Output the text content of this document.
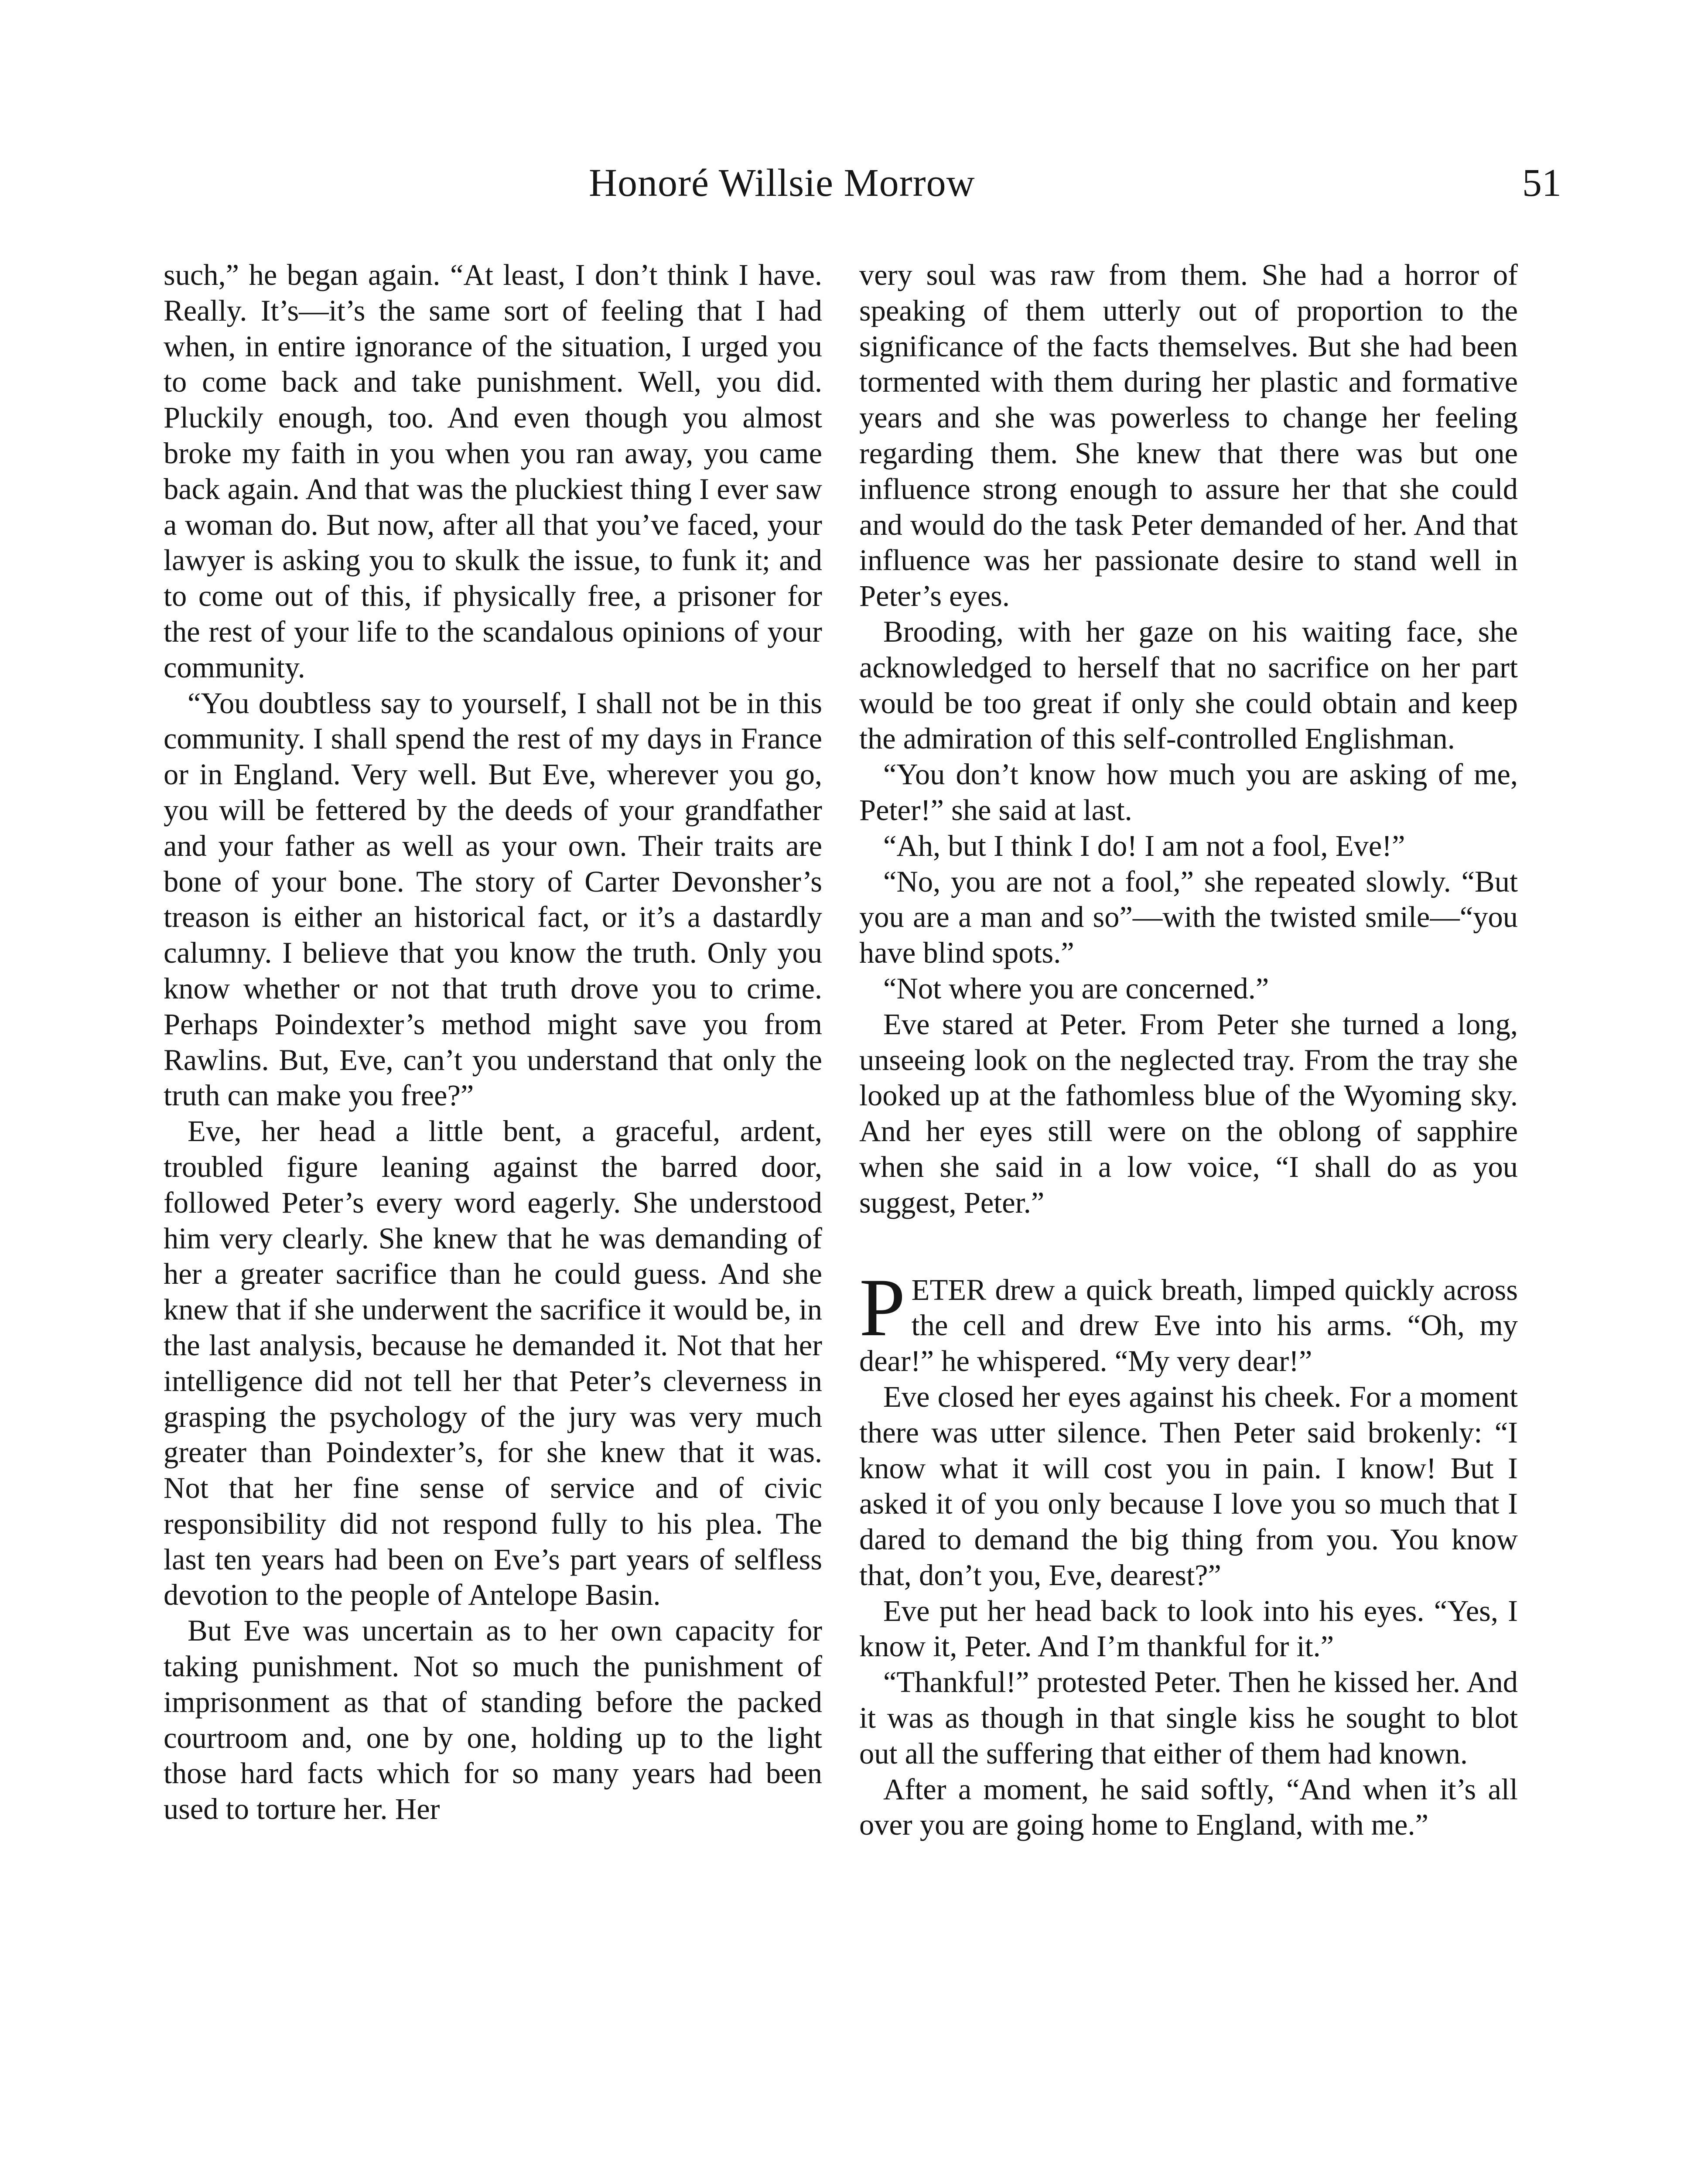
Honoré Willsie Morrow	51

such,” he began again. “At least, I don’t think I have. Really. It’s—it’s the same sort of feeling that I had when, in entire ignorance of the situation, I urged you to come back and take punishment. Well, you did. Pluckily enough, too. And even though you almost broke my faith in you when you ran away, you came back again. And that was the pluckiest thing I ever saw a woman do. But now, after all that you’ve faced, your lawyer is asking you to skulk the issue, to funk it; and to come out of this, if physically free, a prisoner for the rest of your life to the scandalous opinions of your community.

“You doubtless say to yourself, I shall not be in this community. I shall spend the rest of my days in France or in England. Very well. But Eve, wherever you go, you will be fettered by the deeds of your grandfather and your father as well as your own. Their traits are bone of your bone. The story of Carter Devonsher’s treason is either an historical fact, or it’s a dastardly calumny. I believe that you know the truth. Only you know whether or not that truth drove you to crime. Perhaps Poindexter’s method might save you from Rawlins. But, Eve, can’t you understand that only the truth can make you free?”

Eve, her head a little bent, a graceful, ardent, troubled figure leaning against the barred door, followed Peter’s every word eagerly. She understood him very clearly. She knew that he was demanding of her a greater sacrifice than he could guess. And she knew that if she underwent the sacrifice it would be, in the last analysis, because he demanded it. Not that her intelligence did not tell her that Peter’s cleverness in grasping the psychology of the jury was very much greater than Poindexter’s, for she knew that it was. Not that her fine sense of service and of civic responsibility did not respond fully to his plea. The last ten years had been on Eve’s part years of selfless devotion to the people of Antelope Basin.

But Eve was uncertain as to her own capacity for taking punishment. Not so much the punishment of imprisonment as that of standing before the packed courtroom and, one by one, holding up to the light those hard facts which for so many years had been used to torture her. Her

very soul was raw from them. She had a horror of speaking of them utterly out of proportion to the significance of the facts themselves. But she had been tormented with them during her plastic and formative years and she was powerless to change her feeling regarding them. She knew that there was but one influence strong enough to assure her that she could and would do the task Peter demanded of her. And that influence was her passionate desire to stand well in Peter’s eyes.

Brooding, with her gaze on his waiting face, she acknowledged to herself that no sacrifice on her part would be too great if only she could obtain and keep the admiration of this self-controlled Englishman.

“You don’t know how much you are asking of me, Peter!” she said at last.

“Ah, but I think I do! I am not a fool, Eve!”

“No, you are not a fool,” she repeated slowly. “But you are a man and so”—with the twisted smile—“you have blind spots.”

“Not where you are concerned.”

Eve stared at Peter. From Peter she turned a long, unseeing look on the neglected tray. From the tray she looked up at the fathomless blue of the Wyoming sky. And her eyes still were on the oblong of sapphire when she said in a low voice, “I shall do as you suggest, Peter.”

PETER drew a quick breath, limped quickly across the cell and drew Eve into his arms. “Oh, my dear!” he whispered. “My very dear!”

Eve closed her eyes against his cheek. For a moment there was utter silence. Then Peter said brokenly: “I know what it will cost you in pain. I know! But I asked it of you only because I love you so much that I dared to demand the big thing from you. You know that, don’t you, Eve, dearest?”

Eve put her head back to look into his eyes. “Yes, I know it, Peter. And I’m thankful for it.”

“Thankful!” protested Peter. Then he kissed her. And it was as though in that single kiss he sought to blot out all the suffering that either of them had known.

After a moment, he said softly, “And when it’s all over you are going home to England, with me.”
